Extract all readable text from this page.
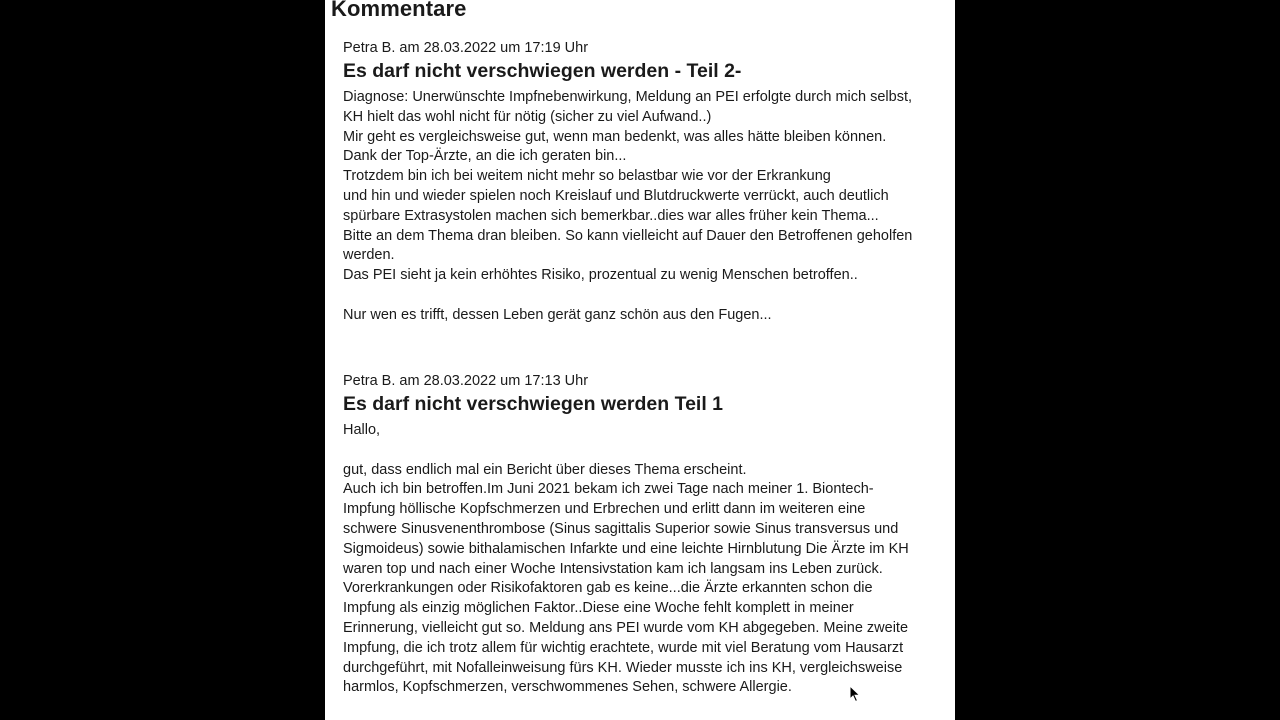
Kommentare

Petra B. am 28.03.2022 um 17:19 Uhr

Es darf nicht verschwiegen werden - Teil 2-

Diagnose: Unerwünschte Impfnebenwirkung, Meldung an PEI erfolgte durch mich selbst,

KH hielt das wohl nicht für nötig (sicher zu viel Aufwand..)

Mir geht es vergleichsweise gut, wenn man bedenkt, was alles hätte bleiben können.

Dank der Top-Ärzte, an die ich geraten bin...

Trotzdem bin ich bei weitem nicht mehr so belastbar wie vor der Erkrankung

und hin und wieder spielen noch Kreislauf und Blutdruckwerte verrückt, auch deutlich

spürbare Extrasystolen machen sich bemerkbar..dies war alles früher kein Thema...

Bitte an dem Thema dran bleiben. So kann vielleicht auf Dauer den Betroffenen geholfen

werden.

Das PEI sieht ja kein erhöhtes Risiko, prozentual zu wenig Menschen betroffen..

Nur wen es trifft, dessen Leben gerät ganz schön aus den Fugen...

Petra B. am 28.03.2022 um 17:13 Uhr

Es darf nicht verschwiegen werden Teil 1

Hallo,

gut, dass endlich mal ein Bericht über dieses Thema erscheint.

Auch ich bin betroffen.Im Juni 2021 bekam ich zwei Tage nach meiner 1. Biontech-

Impfung höllische Kopfschmerzen und Erbrechen und erlitt dann im weiteren eine

schwere Sinusvenenthrombose (Sinus sagittalis Superior sowie Sinus transversus und

Sigmoideus) sowie bithalamischen Infarkte und eine leichte Hirnblutung Die Ärzte im KH

waren top und nach einer Woche Intensivstation kam ich langsam ins Leben zurück.

Vorerkrankungen oder Risikofaktoren gab es keine...die Ärzte erkannten schon die

Impfung als einzig möglichen Faktor..Diese eine Woche fehlt komplett in meiner

Erinnerung, vielleicht gut so. Meldung ans PEI wurde vom KH abgegeben. Meine zweite

Impfung, die ich trotz allem für wichtig erachtete, wurde mit viel Beratung vom Hausarzt

durchgeführt, mit Nofalleinweisung fürs KH. Wieder musste ich ins KH, vergleichsweise

harmlos, Kopfschmerzen, verschwommenes Sehen, schwere Allergie.
